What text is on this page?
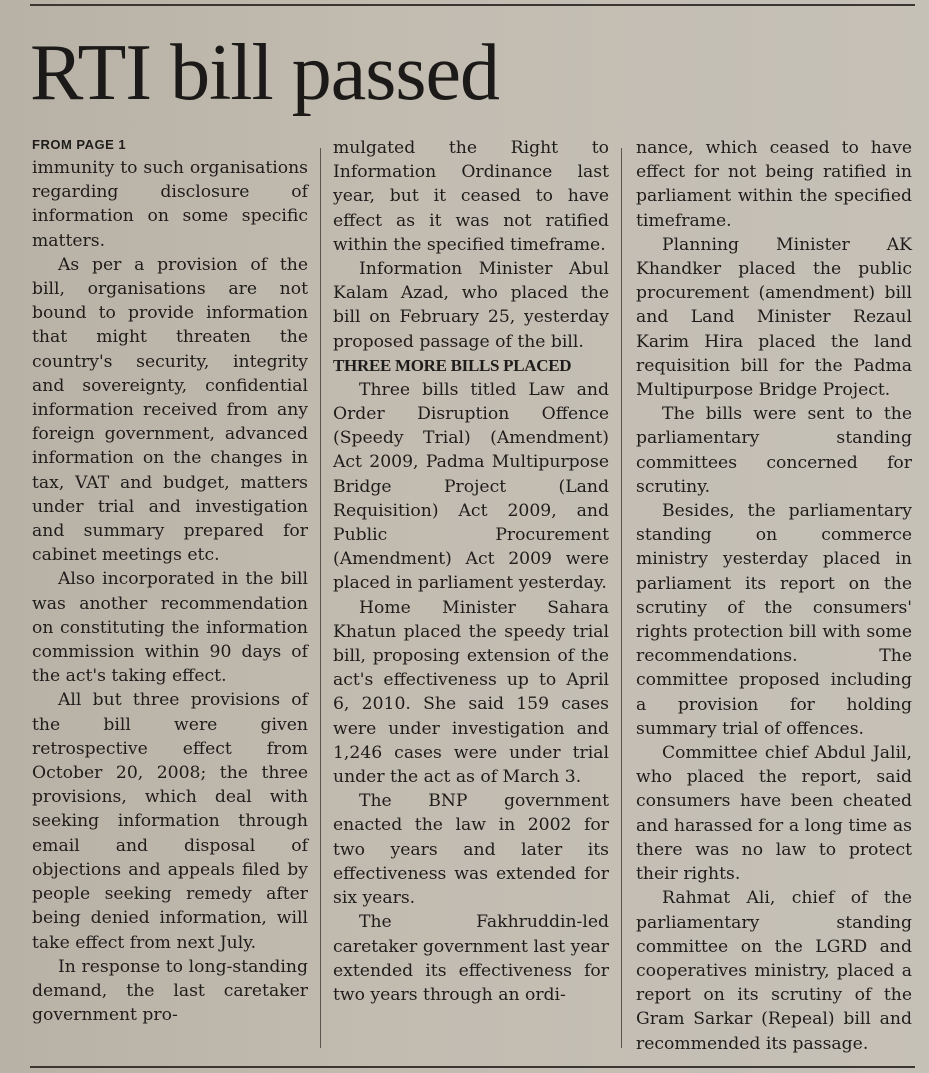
RTI bill passed

FROM PAGE 1

immunity to such organisations regarding disclosure of information on some specific matters.

As per a provision of the bill, organisations are not bound to provide information that might threaten the country's security, integrity and sovereignty, confidential information received from any foreign government, advanced information on the changes in tax, VAT and budget, matters under trial and investigation and summary prepared for cabinet meetings etc.

Also incorporated in the bill was another recommendation on constituting the information commission within 90 days of the act's taking effect.

All but three provisions of the bill were given retrospective effect from October 20, 2008; the three provisions, which deal with seeking information through email and disposal of objections and appeals filed by people seeking remedy after being denied information, will take effect from next July.

In response to long-standing demand, the last caretaker government pro-

mulgated the Right to Information Ordinance last year, but it ceased to have effect as it was not ratified within the specified timeframe.

Information Minister Abul Kalam Azad, who placed the bill on February 25, yesterday proposed passage of the bill.

THREE MORE BILLS PLACED

Three bills titled Law and Order Disruption Offence (Speedy Trial) (Amendment) Act 2009, Padma Multipurpose Bridge Project (Land Requisition) Act 2009, and Public Procurement (Amendment) Act 2009 were placed in parliament yesterday.

Home Minister Sahara Khatun placed the speedy trial bill, proposing extension of the act's effectiveness up to April 6, 2010. She said 159 cases were under investigation and 1,246 cases were under trial under the act as of March 3.

The BNP government enacted the law in 2002 for two years and later its effectiveness was extended for six years.

The Fakhruddin-led caretaker government last year extended its effectiveness for two years through an ordi-

nance, which ceased to have effect for not being ratified in parliament within the specified timeframe.

Planning Minister AK Khandker placed the public procurement (amendment) bill and Land Minister Rezaul Karim Hira placed the land requisition bill for the Padma Multipurpose Bridge Project.

The bills were sent to the parliamentary standing committees concerned for scrutiny.

Besides, the parliamentary standing on commerce ministry yesterday placed in parliament its report on the scrutiny of the consumers' rights protection bill with some recommendations. The committee proposed including a provision for holding summary trial of offences.

Committee chief Abdul Jalil, who placed the report, said consumers have been cheated and harassed for a long time as there was no law to protect their rights.

Rahmat Ali, chief of the parliamentary standing committee on the LGRD and cooperatives ministry, placed a report on its scrutiny of the Gram Sarkar (Repeal) bill and recommended its passage.
